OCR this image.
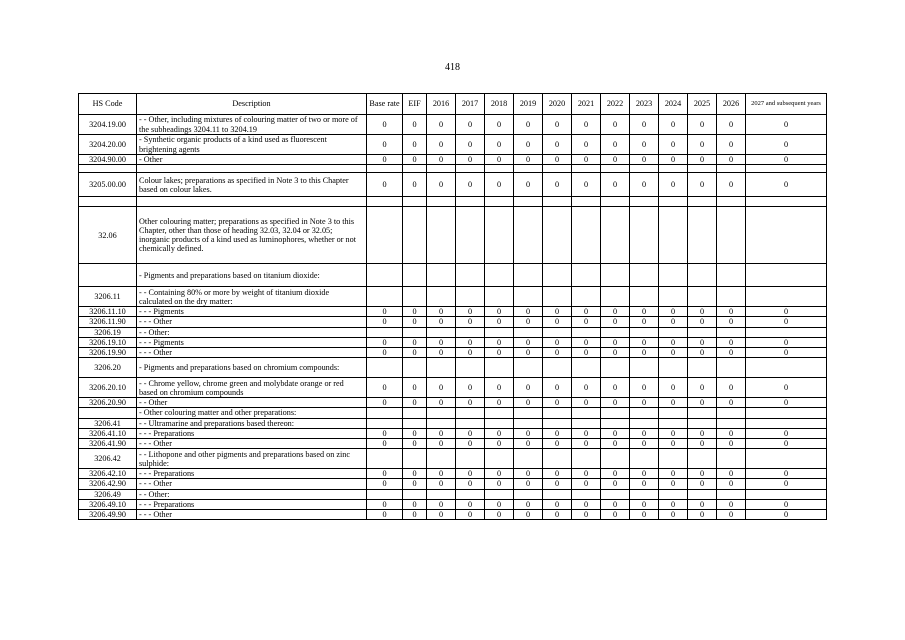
418
HS Code	Description	Base rate	EIF	2016	2017	2018	2019	2020	2021	2022	2023	2024	2025	2026	2027 and subsequent years
3204.19.00	- - Other, including mixtures of colouring matter of two or more of the subheadings 3204.11 to 3204.19	0	0	0	0	0	0	0	0	0	0	0	0	0	0
3204.20.00	- Synthetic organic products of a kind used as fluorescent brightening agents	0	0	0	0	0	0	0	0	0	0	0	0	0	0
3204.90.00	- Other	0	0	0	0	0	0	0	0	0	0	0	0	0	0

3205.00.00	Colour lakes; preparations as specified in Note 3 to this Chapter based on colour lakes.	0	0	0	0	0	0	0	0	0	0	0	0	0	0

32.06	Other colouring matter; preparations as specified in Note 3 to this Chapter, other than those of heading 32.03, 32.04 or 32.05; inorganic products of a kind used as luminophores, whether or not chemically defined.														
	- Pigments and preparations based on titanium dioxide:														
3206.11	- - Containing 80% or more by weight of titanium dioxide calculated on the dry matter:														
3206.11.10	- - - Pigments	0	0	0	0	0	0	0	0	0	0	0	0	0	0
3206.11.90	- - - Other	0	0	0	0	0	0	0	0	0	0	0	0	0	0
3206.19	- - Other:														
3206.19.10	- - - Pigments	0	0	0	0	0	0	0	0	0	0	0	0	0	0
3206.19.90	- - - Other	0	0	0	0	0	0	0	0	0	0	0	0	0	0
3206.20	- Pigments and preparations based on chromium compounds:														
3206.20.10	- - Chrome yellow, chrome green and molybdate orange or red based on chromium compounds	0	0	0	0	0	0	0	0	0	0	0	0	0	0
3206.20.90	- - Other	0	0	0	0	0	0	0	0	0	0	0	0	0	0
	- Other colouring matter and other preparations:														
3206.41	- - Ultramarine and preparations based thereon:														
3206.41.10	- - - Preparations	0	0	0	0	0	0	0	0	0	0	0	0	0	0
3206.41.90	- - - Other	0	0	0	0	0	0	0	0	0	0	0	0	0	0
3206.42	- - Lithopone and other pigments and preparations based on zinc sulphide:														
3206.42.10	- - - Preparations	0	0	0	0	0	0	0	0	0	0	0	0	0	0
3206.42.90	- - - Other	0	0	0	0	0	0	0	0	0	0	0	0	0	0
3206.49	- - Other:														
3206.49.10	- - - Preparations	0	0	0	0	0	0	0	0	0	0	0	0	0	0
3206.49.90	- - - Other	0	0	0	0	0	0	0	0	0	0	0	0	0	0
